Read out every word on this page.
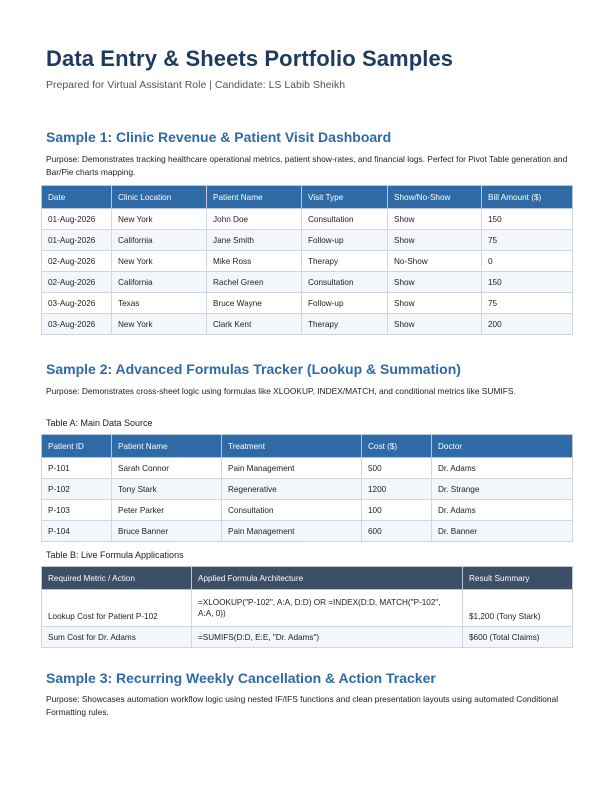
Data Entry & Sheets Portfolio Samples
Prepared for Virtual Assistant Role | Candidate: LS Labib Sheikh
Sample 1: Clinic Revenue & Patient Visit Dashboard
Purpose: Demonstrates tracking healthcare operational metrics, patient show-rates, and financial logs. Perfect for Pivot Table generation and Bar/Pie charts mapping.
Date	Clinic Location	Patient Name	Visit Type	Show/No-Show	Bill Amount ($)
01-Aug-2026	New York	John Doe	Consultation	Show	150
01-Aug-2026	California	Jane Smith	Follow-up	Show	75
02-Aug-2026	New York	Mike Ross	Therapy	No-Show	0
02-Aug-2026	California	Rachel Green	Consultation	Show	150
03-Aug-2026	Texas	Bruce Wayne	Follow-up	Show	75
03-Aug-2026	New York	Clark Kent	Therapy	Show	200
Sample 2: Advanced Formulas Tracker (Lookup & Summation)
Purpose: Demonstrates cross-sheet logic using formulas like XLOOKUP, INDEX/MATCH, and conditional metrics like SUMIFS.
Table A: Main Data Source
Patient ID	Patient Name	Treatment	Cost ($)	Doctor
P-101	Sarah Connor	Pain Management	500	Dr. Adams
P-102	Tony Stark	Regenerative	1200	Dr. Strange
P-103	Peter Parker	Consultation	100	Dr. Adams
P-104	Bruce Banner	Pain Management	600	Dr. Banner
Table B: Live Formula Applications
Required Metric / Action	Applied Formula Architecture	Result Summary
Lookup Cost for Patient P-102	=XLOOKUP("P-102", A:A, D:D) OR =INDEX(D:D, MATCH("P-102", A:A, 0))	$1,200 (Tony Stark)
Sum Cost for Dr. Adams	=SUMIFS(D:D, E:E, "Dr. Adams")	$600 (Total Claims)
Sample 3: Recurring Weekly Cancellation & Action Tracker
Purpose: Showcases automation workflow logic using nested IF/IFS functions and clean presentation layouts using automated Conditional Formatting rules.
